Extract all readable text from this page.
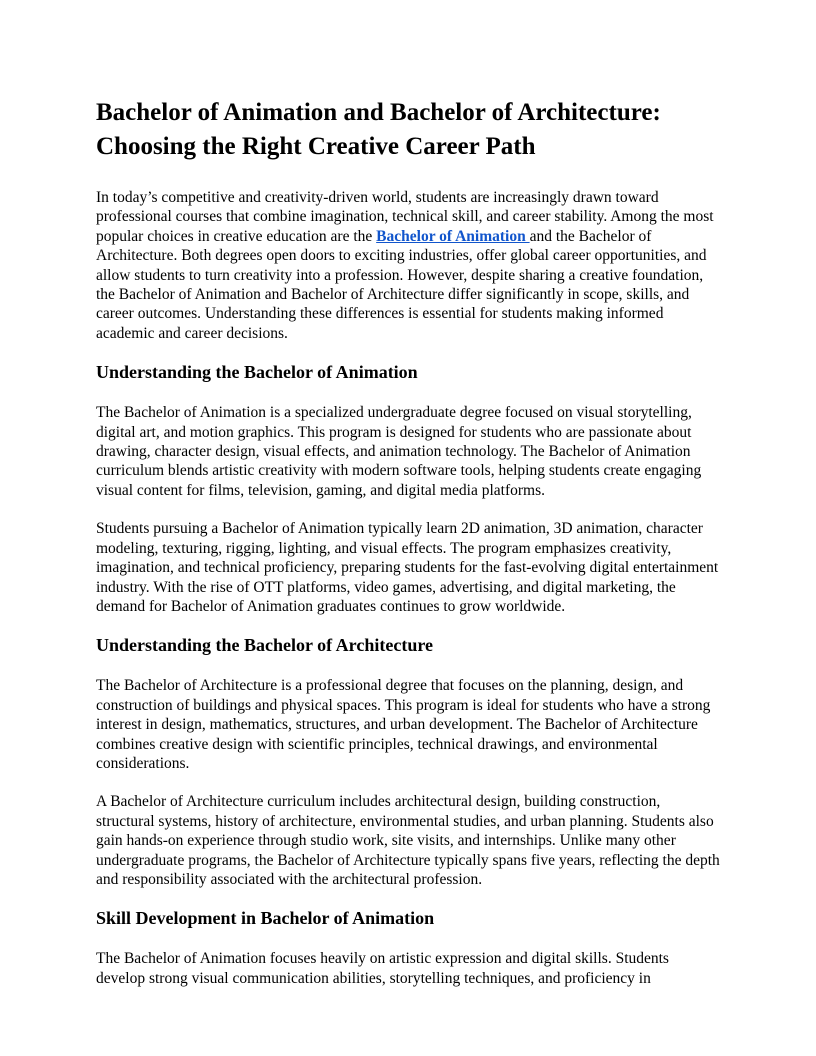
Bachelor of Animation and Bachelor of Architecture: Choosing the Right Creative Career Path

In today’s competitive and creativity-driven world, students are increasingly drawn toward professional courses that combine imagination, technical skill, and career stability. Among the most popular choices in creative education are the Bachelor of Animation and the Bachelor of Architecture. Both degrees open doors to exciting industries, offer global career opportunities, and allow students to turn creativity into a profession. However, despite sharing a creative foundation, the Bachelor of Animation and Bachelor of Architecture differ significantly in scope, skills, and career outcomes. Understanding these differences is essential for students making informed academic and career decisions.

Understanding the Bachelor of Animation

The Bachelor of Animation is a specialized undergraduate degree focused on visual storytelling, digital art, and motion graphics. This program is designed for students who are passionate about drawing, character design, visual effects, and animation technology. The Bachelor of Animation curriculum blends artistic creativity with modern software tools, helping students create engaging visual content for films, television, gaming, and digital media platforms.

Students pursuing a Bachelor of Animation typically learn 2D animation, 3D animation, character modeling, texturing, rigging, lighting, and visual effects. The program emphasizes creativity, imagination, and technical proficiency, preparing students for the fast-evolving digital entertainment industry. With the rise of OTT platforms, video games, advertising, and digital marketing, the demand for Bachelor of Animation graduates continues to grow worldwide.

Understanding the Bachelor of Architecture

The Bachelor of Architecture is a professional degree that focuses on the planning, design, and construction of buildings and physical spaces. This program is ideal for students who have a strong interest in design, mathematics, structures, and urban development. The Bachelor of Architecture combines creative design with scientific principles, technical drawings, and environmental considerations.

A Bachelor of Architecture curriculum includes architectural design, building construction, structural systems, history of architecture, environmental studies, and urban planning. Students also gain hands-on experience through studio work, site visits, and internships. Unlike many other undergraduate programs, the Bachelor of Architecture typically spans five years, reflecting the depth and responsibility associated with the architectural profession.

Skill Development in Bachelor of Animation

The Bachelor of Animation focuses heavily on artistic expression and digital skills. Students develop strong visual communication abilities, storytelling techniques, and proficiency in
